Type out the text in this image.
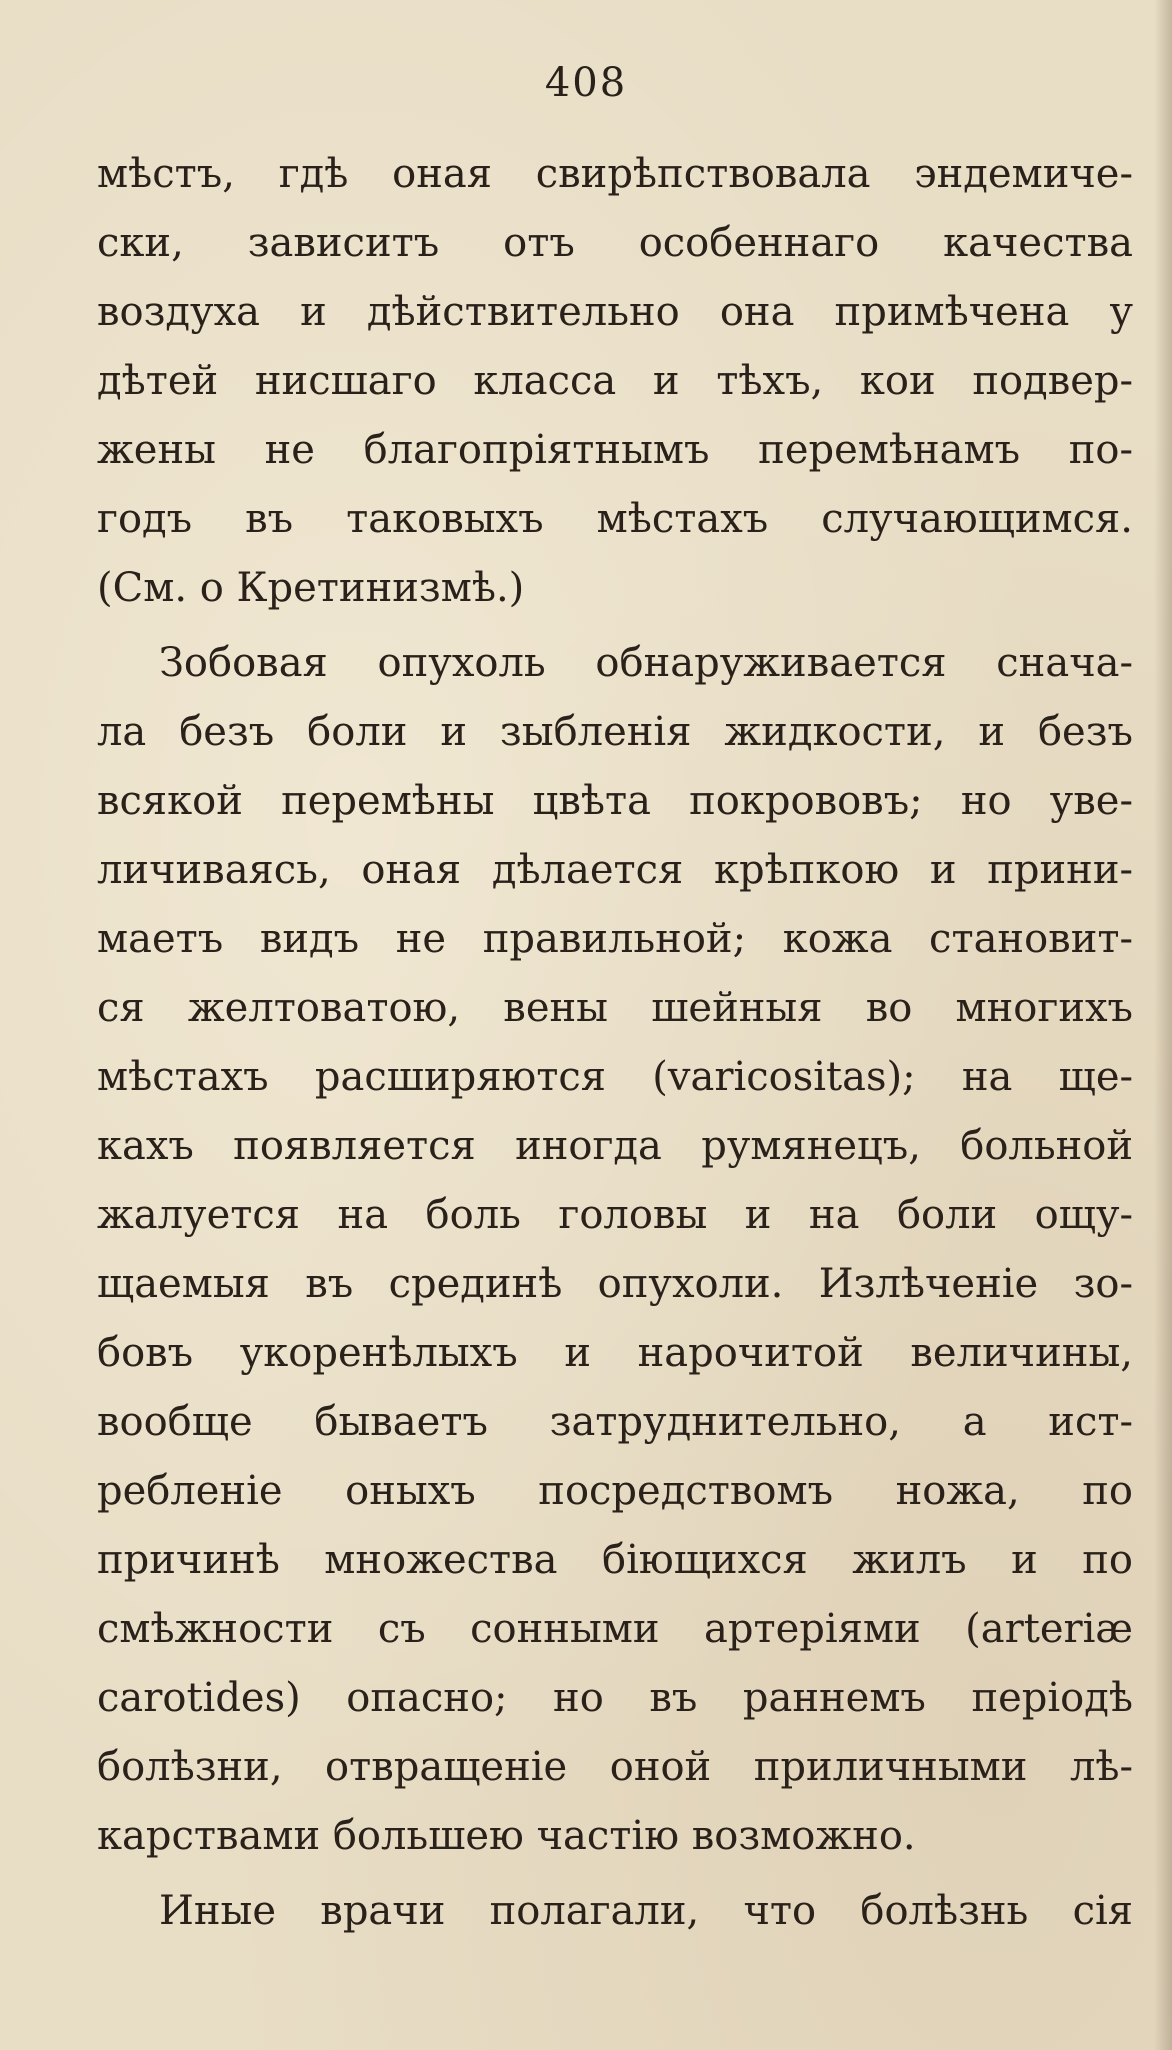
408
мѣстъ, гдѣ оная свирѣпствовала эндемиче-
ски, зависитъ отъ особеннаго качества
воздуха и дѣйствительно она примѣчена у
дѣтей нисшаго класса и тѣхъ, кои подвер-
жены не благопріятнымъ перемѣнамъ по-
годъ въ таковыхъ мѣстахъ случающимся.
(См. о Кретинизмѣ.)
Зобовая опухоль обнаруживается снача-
ла безъ боли и зыбленія жидкости, и безъ
всякой перемѣны цвѣта покрововъ; но уве-
личиваясь, оная дѣлается крѣпкою и прини-
маетъ видъ не правильной; кожа становит-
ся желтоватою, вены шейныя во многихъ
мѣстахъ расширяются (varicositas); на ще-
кахъ появляется иногда румянецъ, больной
жалуется на боль головы и на боли ощу-
щаемыя въ срединѣ опухоли. Излѣченіе зо-
бовъ укоренѣлыхъ и нарочитой величины,
вообще бываетъ затруднительно, а ист-
ребленіе оныхъ посредствомъ ножа, по
причинѣ множества біющихся жилъ и по
смѣжности съ сонными артеріями (arteriæ
carotides) опасно; но въ раннемъ періодѣ
болѣзни, отвращеніе оной приличными лѣ-
карствами большею частію возможно.
Иные врачи полагали, что болѣзнь сія
